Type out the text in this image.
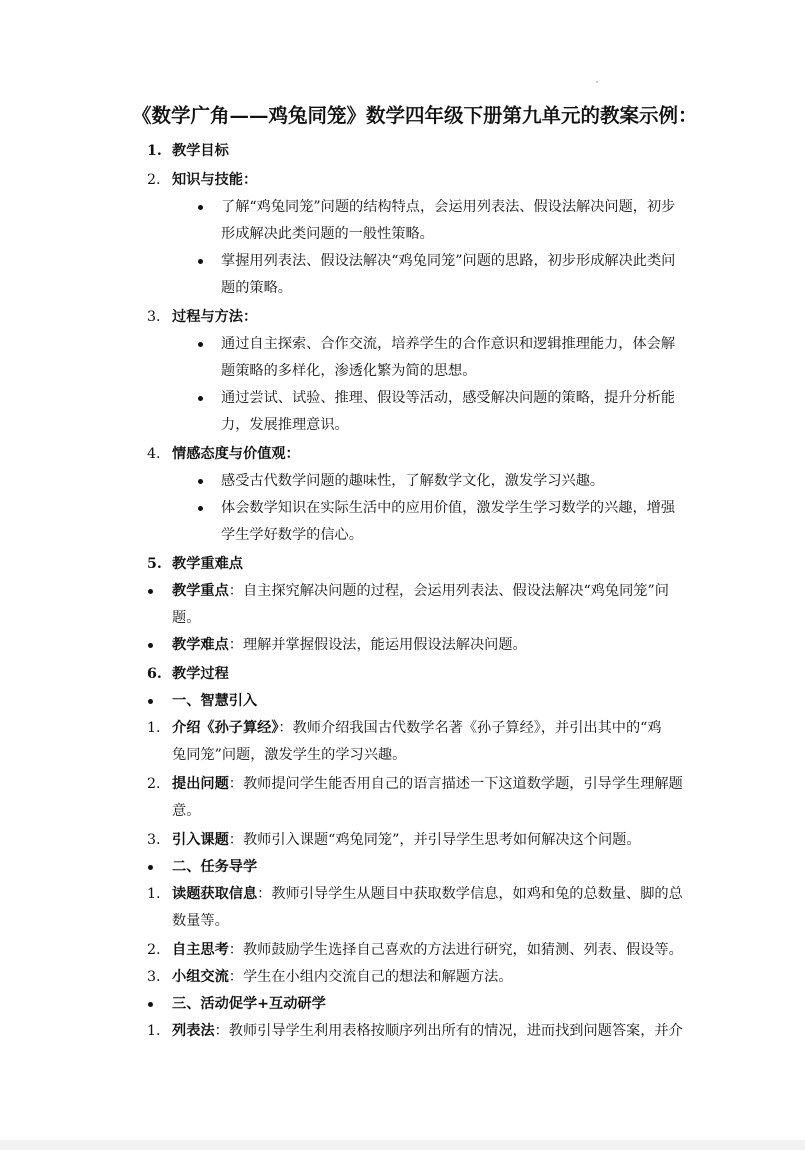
《数学广角——鸡兔同笼》数学四年级下册第九单元的教案示例：
1. 教学目标
2. 知识与技能：
了解“鸡兔同笼”问题的结构特点，会运用列表法、假设法解决问题，初步
形成解决此类问题的一般性策略。
掌握用列表法、假设法解决“鸡兔同笼”问题的思路，初步形成解决此类问
题的策略。
3. 过程与方法：
通过自主探索、合作交流，培养学生的合作意识和逻辑推理能力，体会解
题策略的多样化，渗透化繁为简的思想。
通过尝试、试验、推理、假设等活动，感受解决问题的策略，提升分析能
力，发展推理意识。
4. 情感态度与价值观：
感受古代数学问题的趣味性，了解数学文化，激发学习兴趣。
体会数学知识在实际生活中的应用价值，激发学生学习数学的兴趣，增强
学生学好数学的信心。
5. 教学重难点
教学重点：自主探究解决问题的过程，会运用列表法、假设法解决“鸡兔同笼”问
题。
教学难点：理解并掌握假设法，能运用假设法解决问题。
6. 教学过程
一、智慧引入
1. 介绍《孙子算经》：教师介绍我国古代数学名著《孙子算经》，并引出其中的“鸡
兔同笼”问题，激发学生的学习兴趣。
2. 提出问题：教师提问学生能否用自己的语言描述一下这道数学题，引导学生理解题
意。
3. 引入课题：教师引入课题“鸡兔同笼”，并引导学生思考如何解决这个问题。
二、任务导学
1. 读题获取信息：教师引导学生从题目中获取数学信息，如鸡和兔的总数量、脚的总
数量等。
2. 自主思考：教师鼓励学生选择自己喜欢的方法进行研究，如猜测、列表、假设等。
3. 小组交流：学生在小组内交流自己的想法和解题方法。
三、活动促学+互动研学
1. 列表法：教师引导学生利用表格按顺序列出所有的情况，进而找到问题答案，并介
